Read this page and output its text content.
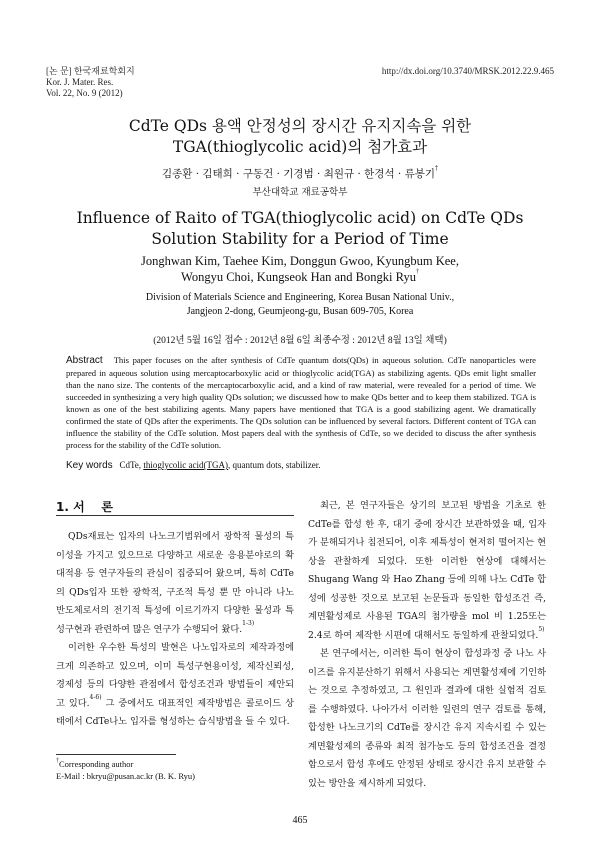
[논 문] 한국재료학회지
Kor. J. Mater. Res.
Vol. 22, No. 9 (2012)
http://dx.doi.org/10.3740/MRSK.2012.22.9.465
CdTe QDs 용액 안정성의 장시간 유지지속을 위한
TGA(thioglycolic acid)의 첨가효과
김종환 · 김태희 · 구동건 · 기경범 · 최원규 · 한경석 · 류봉기†
부산대학교 재료공학부
Influence of Raito of TGA(thioglycolic acid) on CdTe QDs
Solution Stability for a Period of Time
Jonghwan Kim, Taehee Kim, Donggun Gwoo, Kyungbum Kee,
Wongyu Choi, Kungseok Han and Bongki Ryu†
Division of Materials Science and Engineering, Korea Busan National Univ.,
Jangjeon 2-dong, Geumjeong-gu, Busan 609-705, Korea
(2012년 5월 16일 접수 : 2012년 8월 6일 최종수정 : 2012년 8월 13일 채택)
Abstract This paper focuses on the after synthesis of CdTe quantum dots(QDs) in aqueous solution. CdTe nanoparticles were prepared in aqueous solution using mercaptocarboxylic acid or thioglycolic acid(TGA) as stabilizing agents. QDs emit light smaller than the nano size. The contents of the mercaptocarboxylic acid, and a kind of raw material, were revealed for a period of time. We succeeded in synthesizing a very high quality QDs solution; we discussed how to make QDs better and to keep them stabilized. TGA is known as one of the best stabilizing agents. Many papers have mentioned that TGA is a good stabilizing agent. We dramatically confirmed the state of QDs after the experiments. The QDs solution can be influenced by several factors. Different content of TGA can influence the stability of the CdTe solution. Most papers deal with the synthesis of CdTe, so we decided to discuss the after synthesis process for the stability of the CdTe solution.
Key words CdTe, thioglycolic acid(TGA), quantum dots, stabilizer.
1. 서    론

QDs재료는 입자의 나노크기범위에서 광학적 물성의 특이성을 가지고 있으므로 다양하고 새로운 응용분야로의 확대적용 등 연구자들의 관심이 집중되어 왔으며, 특히 CdTe의 QDs입자 또한 광학적, 구조적 특성 뿐 만 아니라 나노 반도체로서의 전기적 특성에 이르기까지 다양한 물성과 특성구현과 관련하여 많은 연구가 수행되어 왔다.$^{1-3)}$

이러한 우수한 특성의 발현은 나노입자로의 제작과정에 크게 의존하고 있으며, 이미 특성구현용이성, 제작신뢰성, 경제성 등의 다양한 관점에서 합성조건과 방법들이 제안되고 있다.$^{4-6)}$ 그 중에서도 대표적인 제작방법은 콜로이드 상태에서 CdTe나노 입자를 형성하는 습식방법을 들 수 있다.

†Corresponding author
E-Mail : bkryu@pusan.ac.kr (B. K. Ryu)

최근, 본 연구자들은 상기의 보고된 방법을 기초로 한 CdTe를 합성 한 후, 대기 중에 장시간 보관하였을 때, 입자가 분해되거나 침전되어, 이후 제특성이 현저히 떨어지는 현상을 관찰하게 되었다. 또한 이러한 현상에 대해서는 Shugang Wang 와 Hao Zhang 등에 의해 나노 CdTe 합성에 성공한 것으로 보고된 논문들과 동일한 합성조건 즉, 계면활성제로 사용된 TGA의 첨가량을 mol 비 1.25또는 2.4로 하여 제작한 시편에 대해서도 동일하게 관찰되었다.$^{5)}$

본 연구에서는, 이러한 특이 현상이 합성과정 중 나노 사이즈를 유지분산하기 위해서 사용되는 계면활성제에 기인하는 것으로 추정하였고, 그 원인과 결과에 대한 실험적 검토를 수행하였다. 나아가서 이러한 일련의 연구 검토를 통해, 합성한 나노크기의 CdTe를 장시간 유지 지속시킬 수 있는 계면활성제의 종류와 최적 첨가농도 등의 합성조건을 결정함으로서 합성 후에도 안정된 상태로 장시간 유지 보관할 수 있는 방안을 제시하게 되었다.

465
